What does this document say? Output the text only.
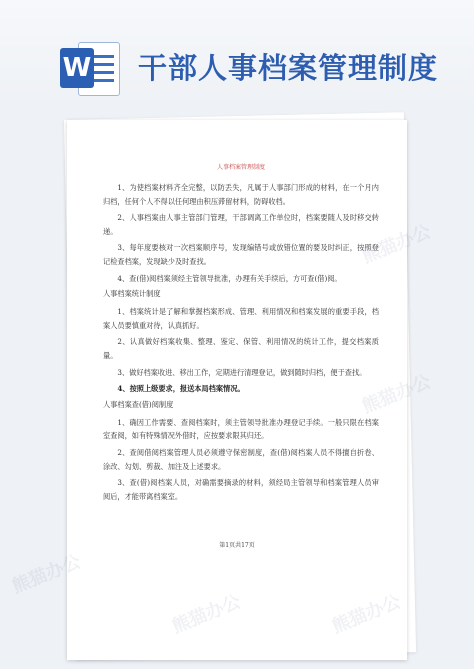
W 干部人事档案管理制度
人事档案管理制度

1、为使档案材料齐全完整，以防丢失，凡属于人事部门形成的材料，在一个月内归档，任何个人不得以任何理由积压滞留材料，防碍收档。

2、人事档案由人事主管部门管理，干部调离工作单位时，档案要随人及时移交转递。

3、每年度要核对一次档案顺序号，发现编错号或放错位置的要及时纠正，按照登记检查档案，发现缺少及时查找。

4、查(借)阅档案须经主管领导批准，办理有关手续后，方可查(借)阅。

人事档案统计制度

1、档案统计是了解和掌握档案形成、管理、利用情况和档案发展的重要手段，档案人员要慎重对待，认真抓好。

2、认真做好档案收集、整理、鉴定、保管、利用情况的统计工作，提交档案质量。

3、做好档案收进、移出工作，定期进行清理登记，做到随时归档，便于查找。

4、按照上级要求，报送本局档案情况。

人事档案查(借)阅制度

1、确因工作需要、查阅档案时，须主管领导批准办理登记手续。一般只限在档案室查阅，如有特殊情况外借时，应按要求限其归还。

2、查阅借阅档案管理人员必须遵守保密制度，查(借)阅档案人员不得擅自折卷、涂改、勾划、剪裁、加注及上述要求。

3、查(借)阅档案人员，对确需要摘录的材料，须经局主管领导和档案管理人员审阅后，才能带离档案室。

第1页共17页
熊猫办公
